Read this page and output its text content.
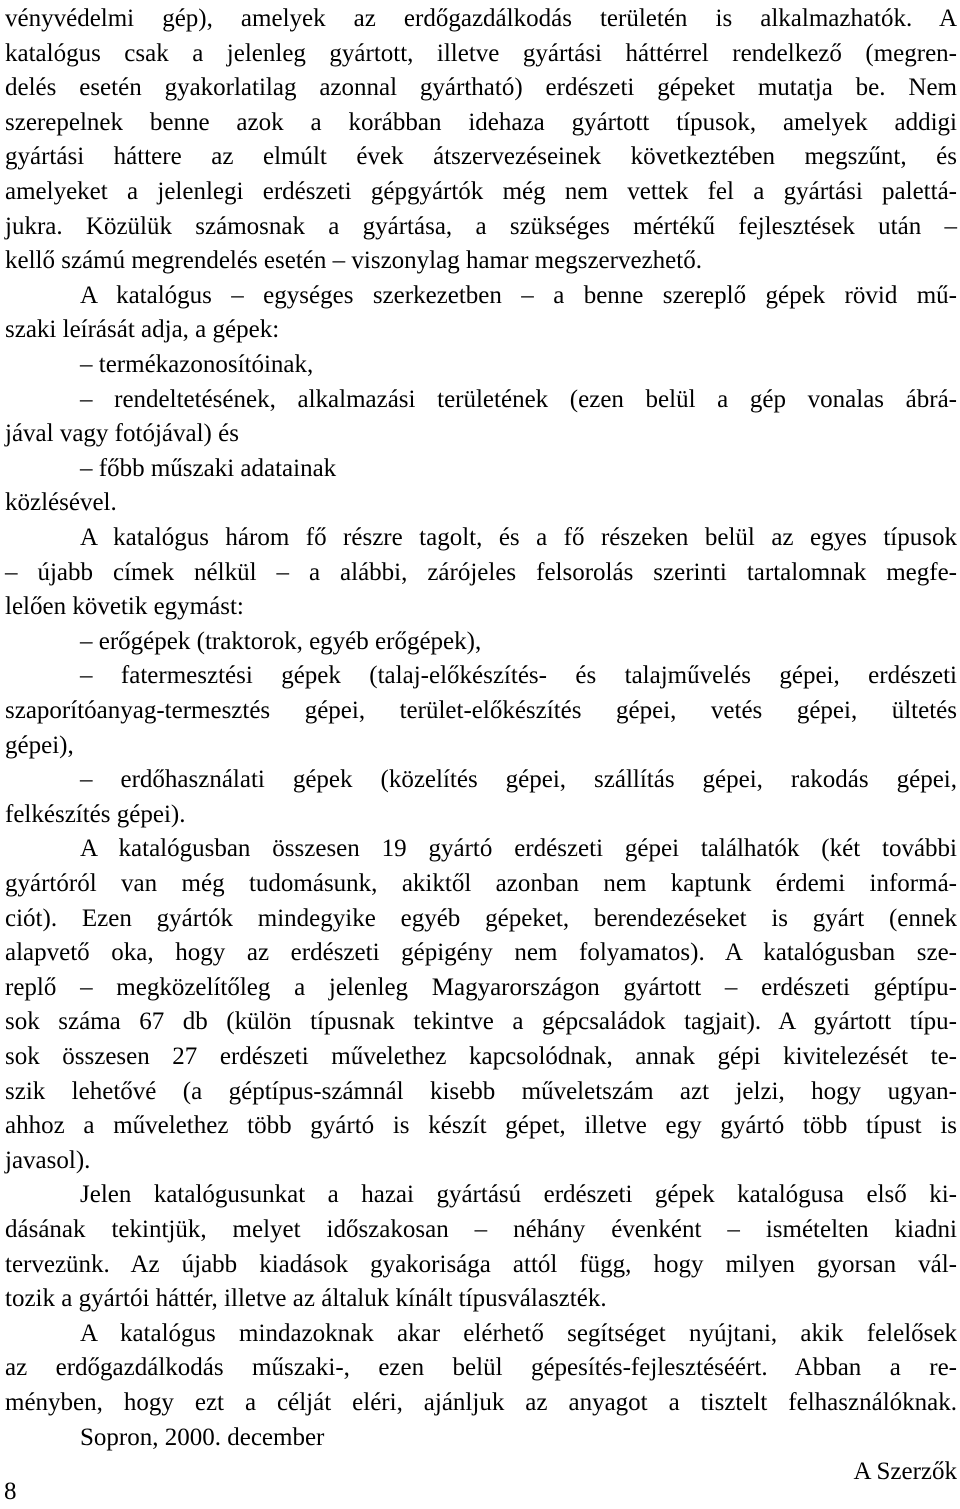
vényvédelmi gép), amelyek az erdőgazdálkodás területén is alkalmazhatók. A
katalógus csak a jelenleg gyártott, illetve gyártási háttérrel rendelkező (megren-
delés esetén gyakorlatilag azonnal gyártható) erdészeti gépeket mutatja be. Nem
szerepelnek benne azok a korábban idehaza gyártott típusok, amelyek addigi
gyártási háttere az elmúlt évek átszervezéseinek következtében megszűnt, és
amelyeket a jelenlegi erdészeti gépgyártók még nem vettek fel a gyártási palettá-
jukra. Közülük számosnak a gyártása, a szükséges mértékű fejlesztések után –
kellő számú megrendelés esetén – viszonylag hamar megszervezhető.
A katalógus – egységes szerkezetben – a benne szereplő gépek rövid mű-
szaki leírását adja, a gépek:
– termékazonosítóinak,
– rendeltetésének, alkalmazási területének (ezen belül a gép vonalas ábrá-
jával vagy fotójával) és
– főbb műszaki adatainak
közlésével.
A katalógus három fő részre tagolt, és a fő részeken belül az egyes típusok
– újabb címek nélkül – a alábbi, zárójeles felsorolás szerinti tartalomnak megfe-
lelően követik egymást:
– erőgépek (traktorok, egyéb erőgépek),
– fatermesztési gépek (talaj-előkészítés- és talajművelés gépei, erdészeti
szaporítóanyag-termesztés gépei, terület-előkészítés gépei, vetés gépei, ültetés
gépei),
– erdőhasználati gépek (közelítés gépei, szállítás gépei, rakodás gépei,
felkészítés gépei).
A katalógusban összesen 19 gyártó erdészeti gépei találhatók (két további
gyártóról van még tudomásunk, akiktől azonban nem kaptunk érdemi informá-
ciót). Ezen gyártók mindegyike egyéb gépeket, berendezéseket is gyárt (ennek
alapvető oka, hogy az erdészeti gépigény nem folyamatos). A katalógusban sze-
replő – megközelítőleg a jelenleg Magyarországon gyártott – erdészeti géptípu-
sok száma 67 db (külön típusnak tekintve a gépcsaládok tagjait). A gyártott típu-
sok összesen 27 erdészeti művelethez kapcsolódnak, annak gépi kivitelezését te-
szik lehetővé (a géptípus-számnál kisebb műveletszám azt jelzi, hogy ugyan-
ahhoz a művelethez több gyártó is készít gépet, illetve egy gyártó több típust is
javasol).
Jelen katalógusunkat a hazai gyártású erdészeti gépek katalógusa első ki-
dásának tekintjük, melyet időszakosan – néhány évenként – ismételten kiadni
tervezünk. Az újabb kiadások gyakorisága attól függ, hogy milyen gyorsan vál-
tozik a gyártói háttér, illetve az általuk kínált típusválaszték.
A katalógus mindazoknak akar elérhető segítséget nyújtani, akik felelősek
az erdőgazdálkodás műszaki-, ezen belül gépesítés-fejlesztéséért. Abban a re-
ményben, hogy ezt a célját eléri, ajánljuk az anyagot a tisztelt felhasználóknak.
Sopron, 2000. december
A Szerzők
8
